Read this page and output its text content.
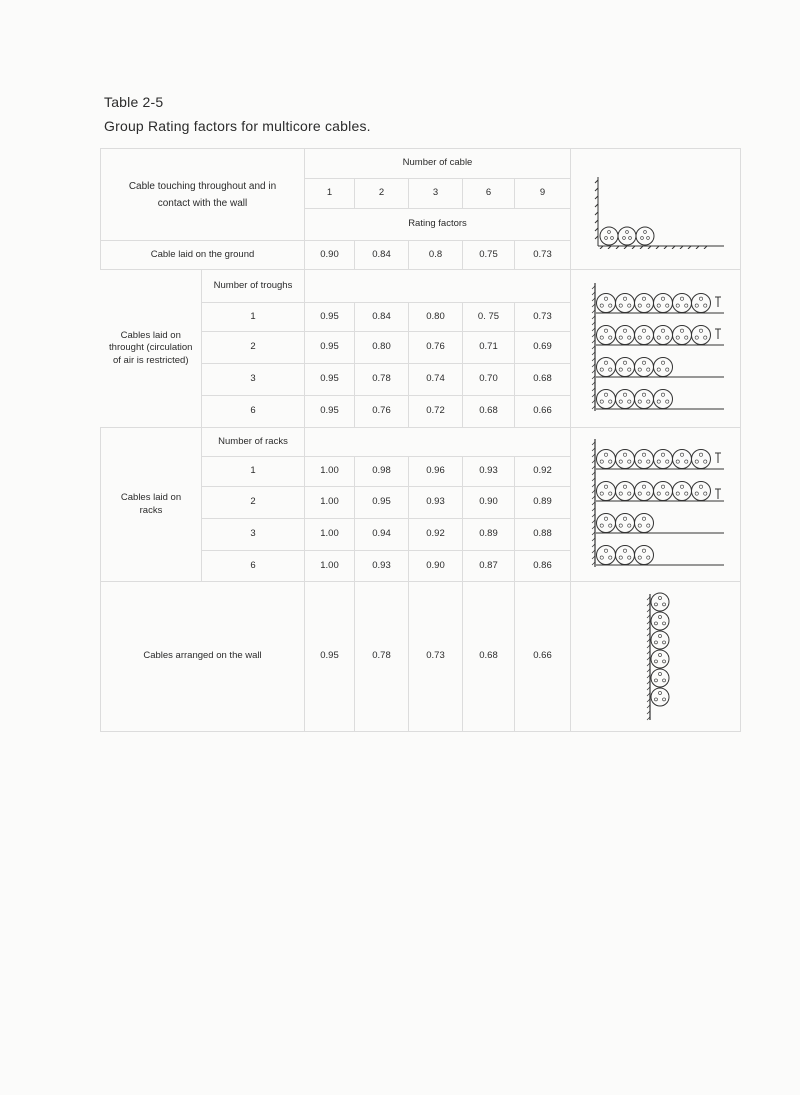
Table 2-5
Group Rating factors for multicore cables.
Cable touching throughout and in contact with the wall		Number of cable	

		1	2	3	6	9	
		Rating factors					
Cable laid on the ground		0.90	0.84	0.8	0.75	0.73	

Cables laid on throught (circulation of air is restricted)	Number of troughs						

	1	0.95	0.84	0.80	0. 75	0.73	
	2	0.95	0.80	0.76	0.71	0.69	
	3	0.95	0.78	0.74	0.70	0.68	
	6	0.95	0.76	0.72	0.68	0.66	

Cables laid on racks	Number of racks						

	1	1.00	0.98	0.96	0.93	0.92	
	2	1.00	0.95	0.93	0.90	0.89	
	3	1.00	0.94	0.92	0.89	0.88	
	6	1.00	0.93	0.90	0.87	0.86	
Cables arranged on the wall		0.95	0.78	0.73	0.68	0.66	
